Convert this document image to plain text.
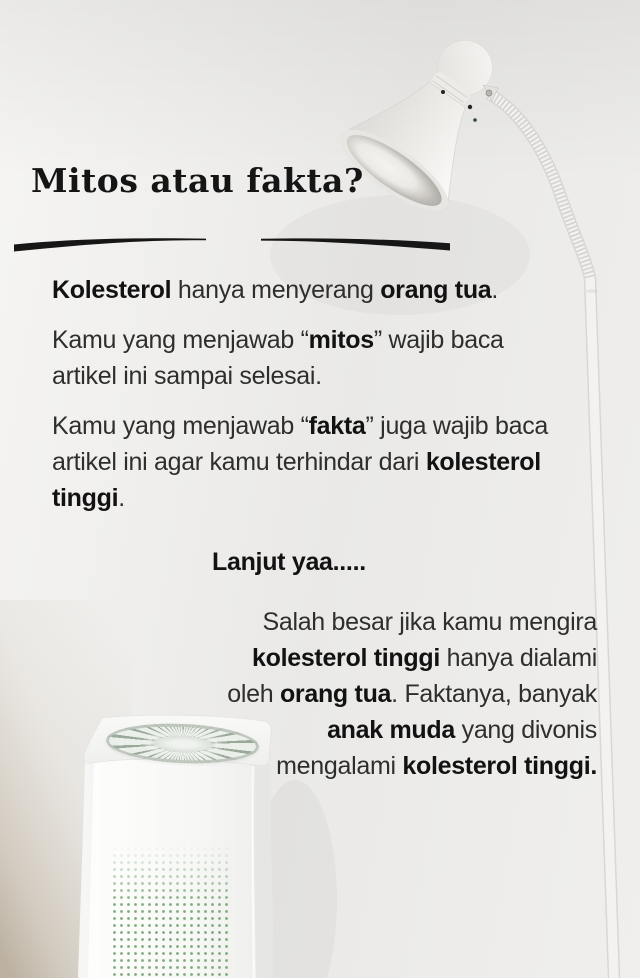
Mitos atau fakta?

Kolesterol hanya menyerang orang tua.

Kamu yang menjawab “mitos” wajib baca
artikel ini sampai selesai.

Kamu yang menjawab “fakta” juga wajib baca
artikel ini agar kamu terhindar dari kolesterol
tinggi.

Lanjut yaa.....

Salah besar jika kamu mengira
kolesterol tinggi hanya dialami
oleh orang tua. Faktanya, banyak
anak muda yang divonis
mengalami kolesterol tinggi.
